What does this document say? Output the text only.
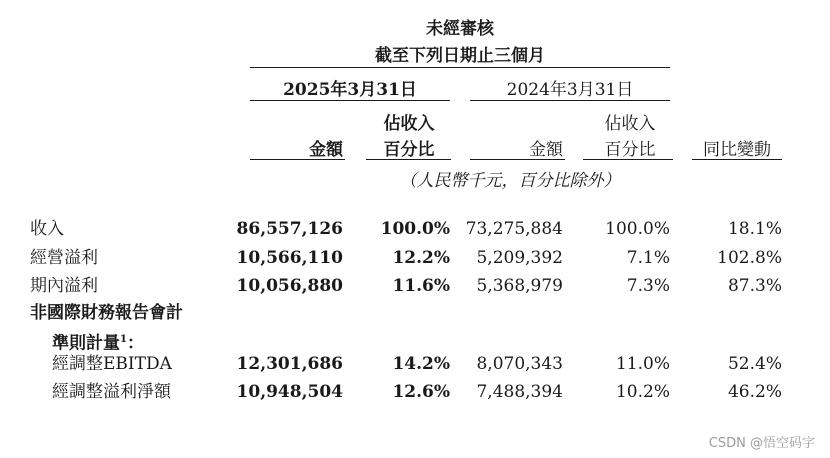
未經審核
截至下列日期止三個月
2025年3月31日	2024年3月31日
佔收入	佔收入
金額	百分比	金額	百分比	同比變動
（人民幣千元，百分比除外）
收入	86,557,126	100.0% 73,275,884	100.0%	18.1%
經營溢利	10,566,110	12.2%	5,209,392	7.1%	102.8%
期內溢利	10,056,880	11.6%	5,368,979	7.3%	87.3%
非國際財務報告會計
準則計量$^1$：
經調整EBITDA	12,301,686	14.2%	8,070,343	11.0%	52.4%
經調整溢利淨額	10,948,504	12.6%	7,488,394	10.2%	46.2%
CSDN @悟空码字
